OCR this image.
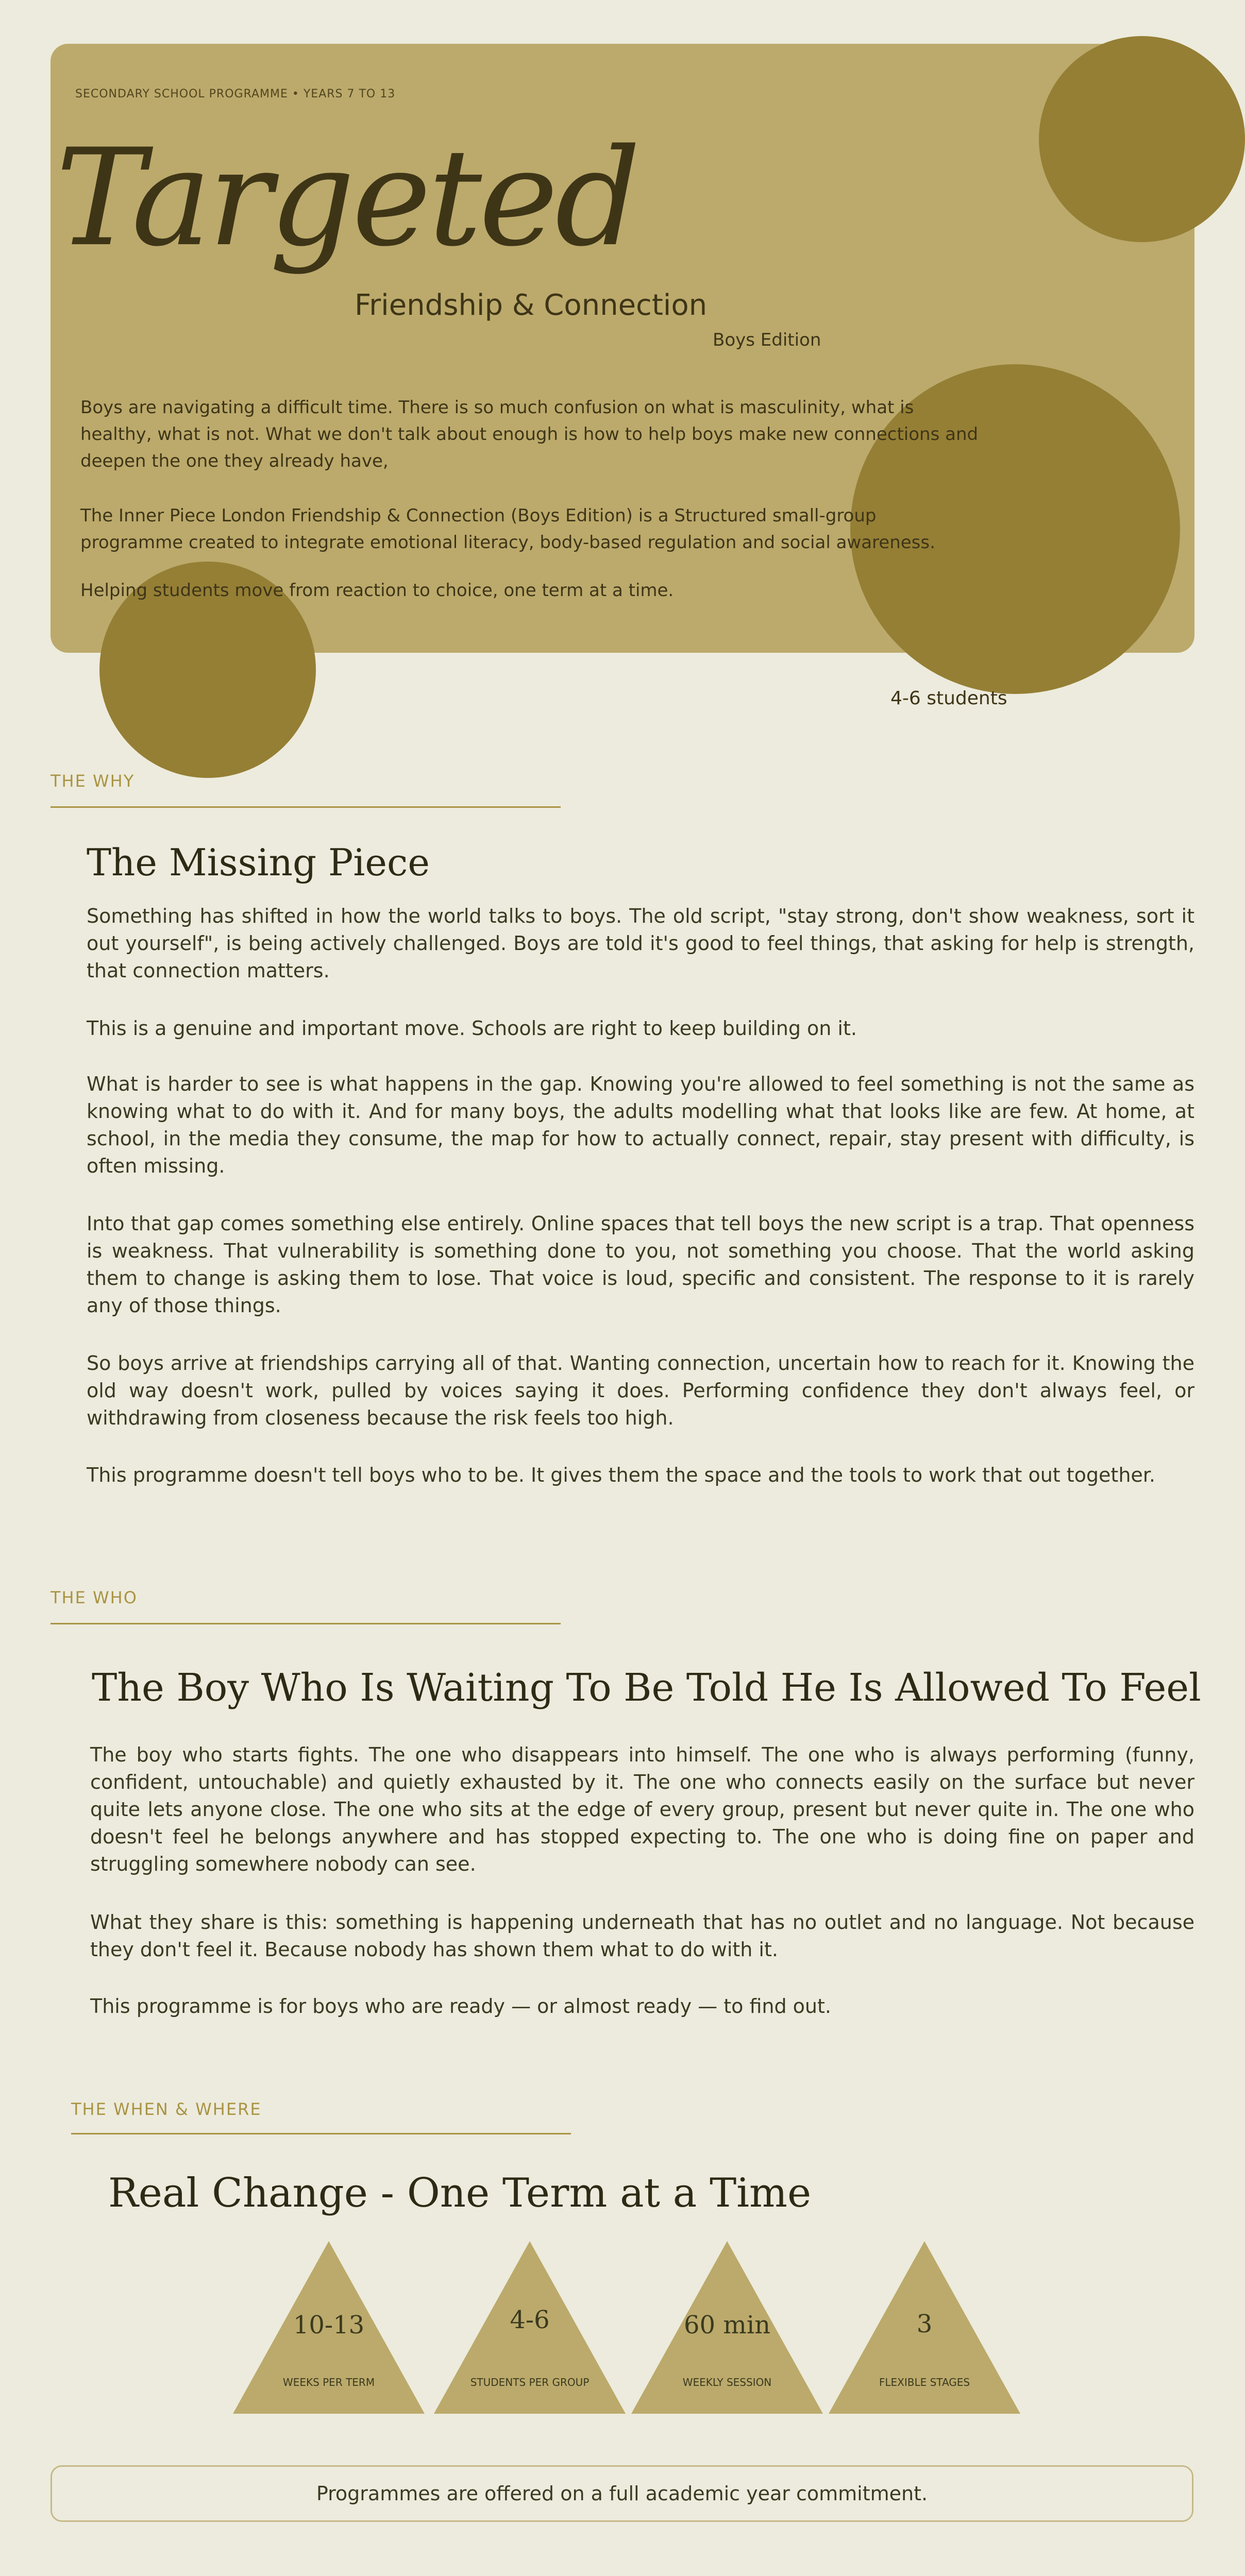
SECONDARY SCHOOL PROGRAMME • YEARS 7 TO 13
Targeted
Friendship & Connection
Boys Edition

Boys are navigating a difficult time. There is so much confusion on what is masculinity, what is healthy, what is not. What we don't talk about enough is how to help boys make new connections and deepen the one they already have,

The Inner Piece London Friendship & Connection (Boys Edition) is a Structured small-group programme created to integrate emotional literacy, body-based regulation and social awareness.

Helping students move from reaction to choice, one term at a time.

4-6 students
THE WHY
The Missing Piece

Something has shifted in how the world talks to boys. The old script, "stay strong, don't show weakness, sort it out yourself", is being actively challenged. Boys are told it's good to feel things, that asking for help is strength, that connection matters.

This is a genuine and important move. Schools are right to keep building on it.

What is harder to see is what happens in the gap. Knowing you're allowed to feel something is not the same as knowing what to do with it. And for many boys, the adults modelling what that looks like are few. At home, at school, in the media they consume, the map for how to actually connect, repair, stay present with difficulty, is often missing.

Into that gap comes something else entirely. Online spaces that tell boys the new script is a trap. That openness is weakness. That vulnerability is something done to you, not something you choose. That the world asking them to change is asking them to lose. That voice is loud, specific and consistent. The response to it is rarely any of those things.

So boys arrive at friendships carrying all of that. Wanting connection, uncertain how to reach for it. Knowing the old way doesn't work, pulled by voices saying it does. Performing confidence they don't always feel, or withdrawing from closeness because the risk feels too high.

This programme doesn't tell boys who to be. It gives them the space and the tools to work that out together.

THE WHO
The Boy Who Is Waiting To Be Told He Is Allowed To Feel

The boy who starts fights. The one who disappears into himself. The one who is always performing (funny, confident, untouchable) and quietly exhausted by it. The one who connects easily on the surface but never quite lets anyone close. The one who sits at the edge of every group, present but never quite in. The one who doesn't feel he belongs anywhere and has stopped expecting to. The one who is doing fine on paper and struggling somewhere nobody can see.

What they share is this: something is happening underneath that has no outlet and no language. Not because they don't feel it. Because nobody has shown them what to do with it.

This programme is for boys who are ready — or almost ready — to find out.

THE WHEN & WHERE
Real Change - One Term at a Time
10-13
WEEKS PER TERM
4-6
STUDENTS PER GROUP
60 min
WEEKLY SESSION
3
FLEXIBLE STAGES
Programmes are offered on a full academic year commitment.
